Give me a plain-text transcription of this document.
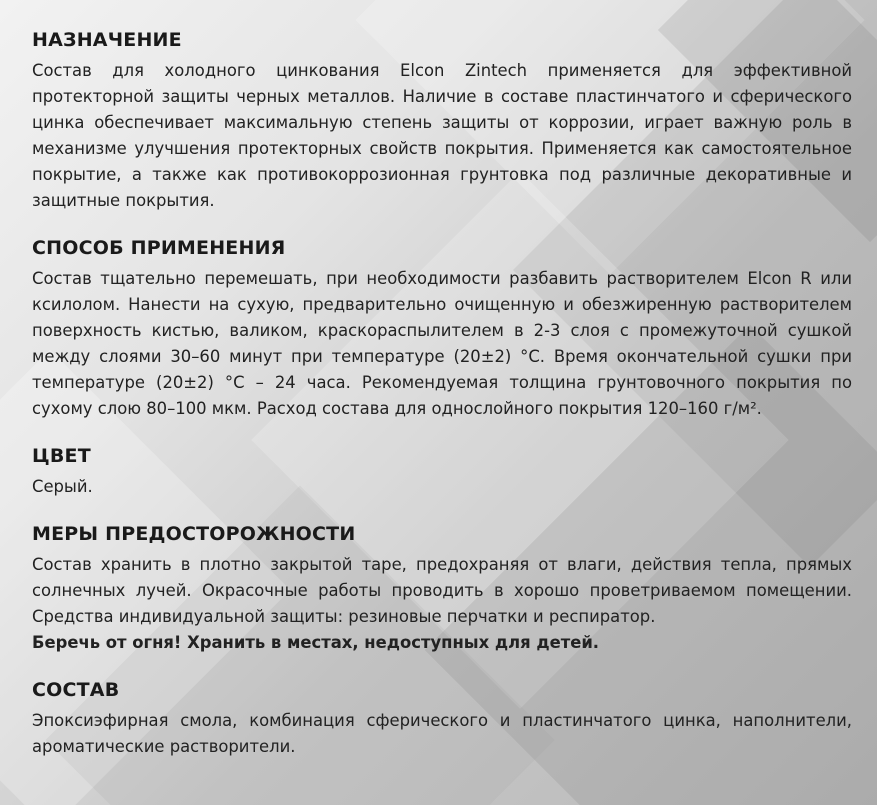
НАЗНАЧЕНИЕ

Состав для холодного цинкования Elcon Zintech применяется для эффективной протекторной защиты черных металлов. Наличие в составе пластинчатого и сферического цинка обеспечивает максимальную степень защиты от коррозии, играет важную роль в механизме улучшения протекторных свойств покрытия. Применяется как самостоятельное покрытие, а также как противокоррозионная грунтовка под различные декоративные и защитные покрытия.

СПОСОБ ПРИМЕНЕНИЯ

Состав тщательно перемешать, при необходимости разбавить растворителем Elcon R или ксилолом. Нанести на сухую, предварительно очищенную и обезжиренную растворителем поверхность кистью, валиком, краскораспылителем в 2-3 слоя с промежуточной сушкой между слоями 30–60 минут при температуре (20±2) °С. Время окончательной сушки при температуре (20±2) °С – 24 часа. Рекомендуемая толщина грунтовочного покрытия по сухому слою 80–100 мкм. Расход состава для однослойного покрытия 120–160 г/м².

ЦВЕТ

Серый.

МЕРЫ ПРЕДОСТОРОЖНОСТИ

Состав хранить в плотно закрытой таре, предохраняя от влаги, действия тепла, прямых солнечных лучей. Окрасочные работы проводить в хорошо проветриваемом помещении. Средства индивидуальной защиты: резиновые перчатки и респиратор.

Беречь от огня! Хранить в местах, недоступных для детей.

СОСТАВ

Эпоксиэфирная смола, комбинация сферического и пластинчатого цинка, наполнители, ароматические растворители.
